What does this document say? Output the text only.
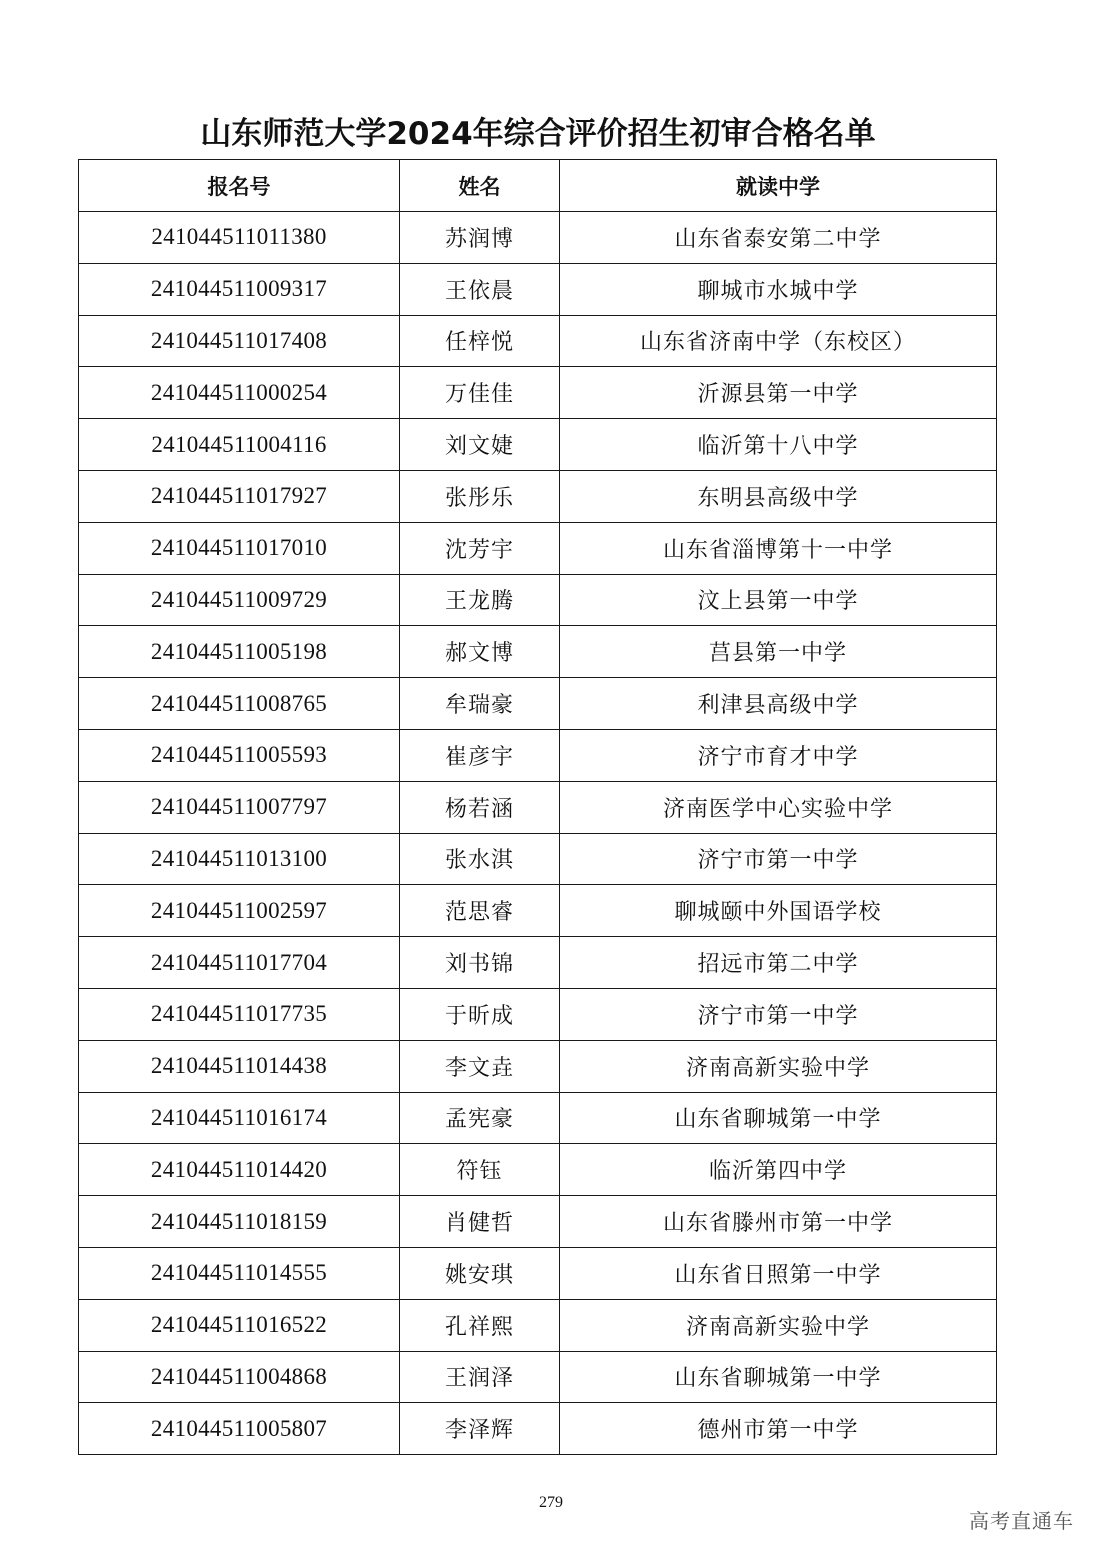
山东师范大学2024年综合评价招生初审合格名单
报名号	姓名	就读中学
241044511011380	苏润博	山东省泰安第二中学
241044511009317	王依晨	聊城市水城中学
241044511017408	任梓悦	山东省济南中学（东校区）
241044511000254	万佳佳	沂源县第一中学
241044511004116	刘文婕	临沂第十八中学
241044511017927	张彤乐	东明县高级中学
241044511017010	沈芳宇	山东省淄博第十一中学
241044511009729	王龙腾	汶上县第一中学
241044511005198	郝文博	莒县第一中学
241044511008765	牟瑞豪	利津县高级中学
241044511005593	崔彦宇	济宁市育才中学
241044511007797	杨若涵	济南医学中心实验中学
241044511013100	张水淇	济宁市第一中学
241044511002597	范思睿	聊城颐中外国语学校
241044511017704	刘书锦	招远市第二中学
241044511017735	于昕成	济宁市第一中学
241044511014438	李文垚	济南高新实验中学
241044511016174	孟宪豪	山东省聊城第一中学
241044511014420	符钰	临沂第四中学
241044511018159	肖健哲	山东省滕州市第一中学
241044511014555	姚安琪	山东省日照第一中学
241044511016522	孔祥熙	济南高新实验中学
241044511004868	王润泽	山东省聊城第一中学
241044511005807	李泽辉	德州市第一中学
279
高考直通车
